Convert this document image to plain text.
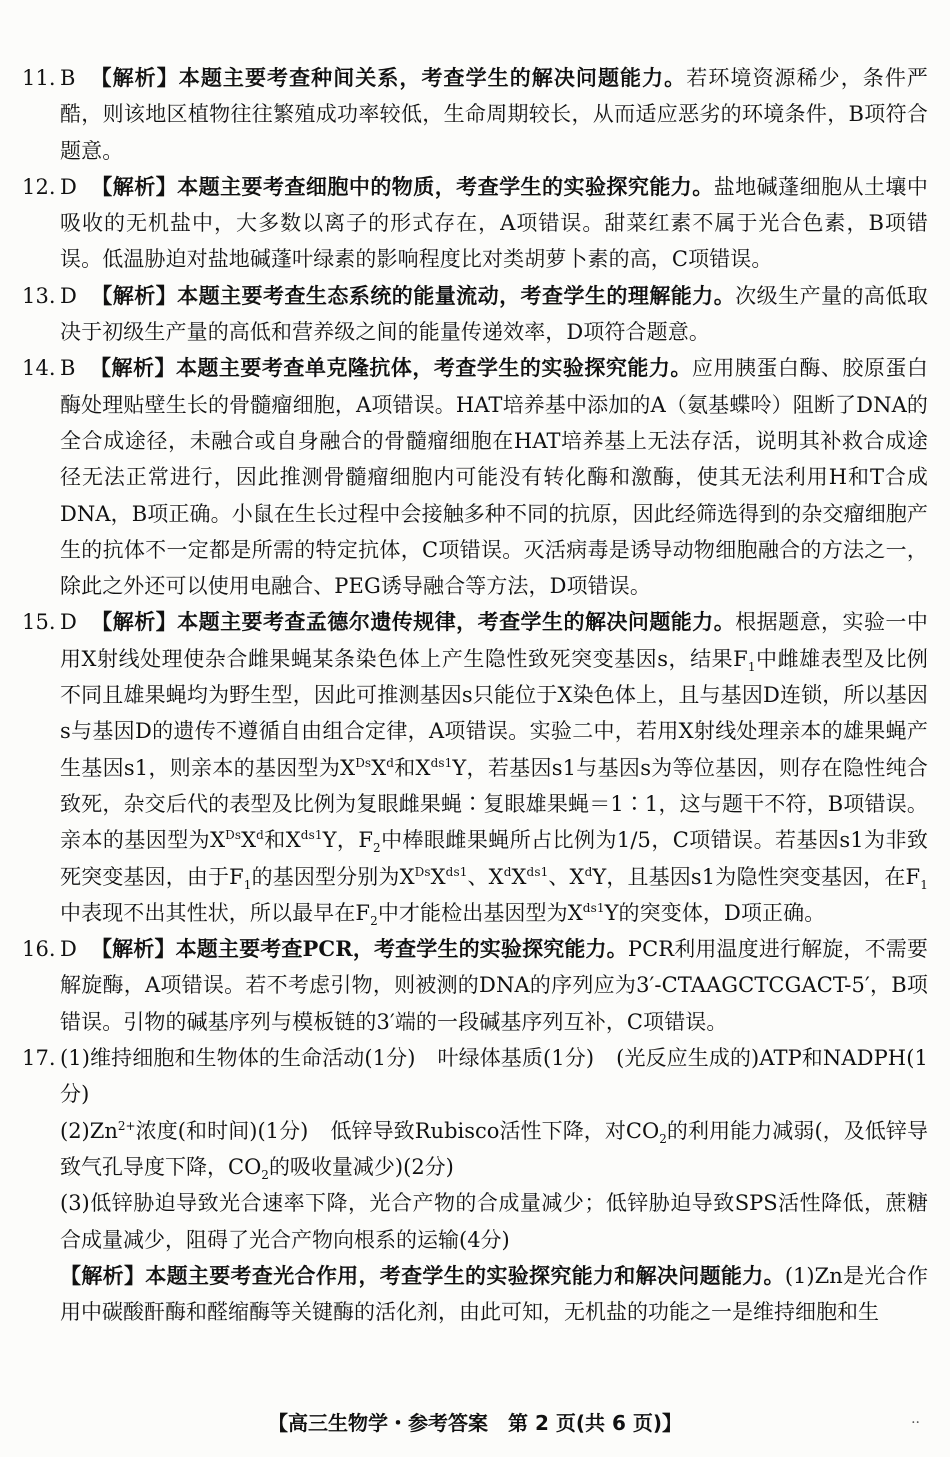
11. B 【解析】本题主要考查种间关系，考查学生的解决问题能力。若环境资源稀少，条件严酷，则该地区植物往往繁殖成功率较低，生命周期较长，从而适应恶劣的环境条件，B项符合题意。
12. D 【解析】本题主要考查细胞中的物质，考查学生的实验探究能力。盐地碱蓬细胞从土壤中吸收的无机盐中，大多数以离子的形式存在，A项错误。甜菜红素不属于光合色素，B项错误。低温胁迫对盐地碱蓬叶绿素的影响程度比对类胡萝卜素的高，C项错误。
13. D 【解析】本题主要考查生态系统的能量流动，考查学生的理解能力。次级生产量的高低取决于初级生产量的高低和营养级之间的能量传递效率，D项符合题意。
14. B 【解析】本题主要考查单克隆抗体，考查学生的实验探究能力。应用胰蛋白酶、胶原蛋白酶处理贴壁生长的骨髓瘤细胞，A项错误。HAT培养基中添加的A（氨基蝶呤）阻断了DNA的全合成途径，未融合或自身融合的骨髓瘤细胞在HAT培养基上无法存活，说明其补救合成途径无法正常进行，因此推测骨髓瘤细胞内可能没有转化酶和激酶，使其无法利用H和T合成DNA，B项正确。小鼠在生长过程中会接触多种不同的抗原，因此经筛选得到的杂交瘤细胞产生的抗体不一定都是所需的特定抗体，C项错误。灭活病毒是诱导动物细胞融合的方法之一，除此之外还可以使用电融合、PEG诱导融合等方法，D项错误。
15. D 【解析】本题主要考查孟德尔遗传规律，考查学生的解决问题能力。根据题意，实验一中用X射线处理使杂合雌果蝇某条染色体上产生隐性致死突变基因s，结果$F_1$中雌雄表型及比例不同且雄果蝇均为野生型，因此可推测基因s只能位于X染色体上，且与基因D连锁，所以基因s与基因D的遗传不遵循自由组合定律，A项错误。实验二中，若用X射线处理亲本的雄果蝇产生基因s1，则亲本的基因型为$X^{Ds}X^d$和$X^{ds1}Y$，若基因s1与基因s为等位基因，则存在隐性纯合致死，杂交后代的表型及比例为复眼雌果蝇∶复眼雄果蝇＝1∶1，这与题干不符，B项错误。亲本的基因型为$X^{Ds}X^d$和$X^{ds1}Y$，$F_2$中棒眼雌果蝇所占比例为1/5，C项错误。若基因s1为非致死突变基因，由于$F_1$的基因型分别为$X^{Ds}X^{ds1}$、$X^dX^{ds1}$、$X^dY$，且基因s1为隐性突变基因，在$F_1$中表现不出其性状，所以最早在$F_2$中才能检出基因型为$X^{ds1}Y$的突变体，D项正确。
16. D 【解析】本题主要考查PCR，考查学生的实验探究能力。PCR利用温度进行解旋，不需要解旋酶，A项错误。若不考虑引物，则被测的DNA的序列应为3′-CTAAGCTCGACT-5′，B项错误。引物的碱基序列与模板链的3′端的一段碱基序列互补，C项错误。
17. (1)维持细胞和生物体的生命活动(1分) 叶绿体基质(1分) (光反应生成的)ATP和NADPH(1分)
$(2)Zn^{2+}$浓度(和时间)(1分) 低锌导致Rubisco活性下降，对$CO_2$的利用能力减弱(，及低锌导致气孔导度下降，$CO_2$的吸收量减少)(2分)
(3)低锌胁迫导致光合速率下降，光合产物的合成量减少；低锌胁迫导致SPS活性降低，蔗糖合成量减少，阻碍了光合产物向根系的运输(4分)
【解析】本题主要考查光合作用，考查学生的实验探究能力和解决问题能力。(1)Zn是光合作用中碳酸酐酶和醛缩酶等关键酶的活化剂，由此可知，无机盐的功能之一是维持细胞和生
【高三生物学・参考答案　第 2 页(共 6 页)】	··
